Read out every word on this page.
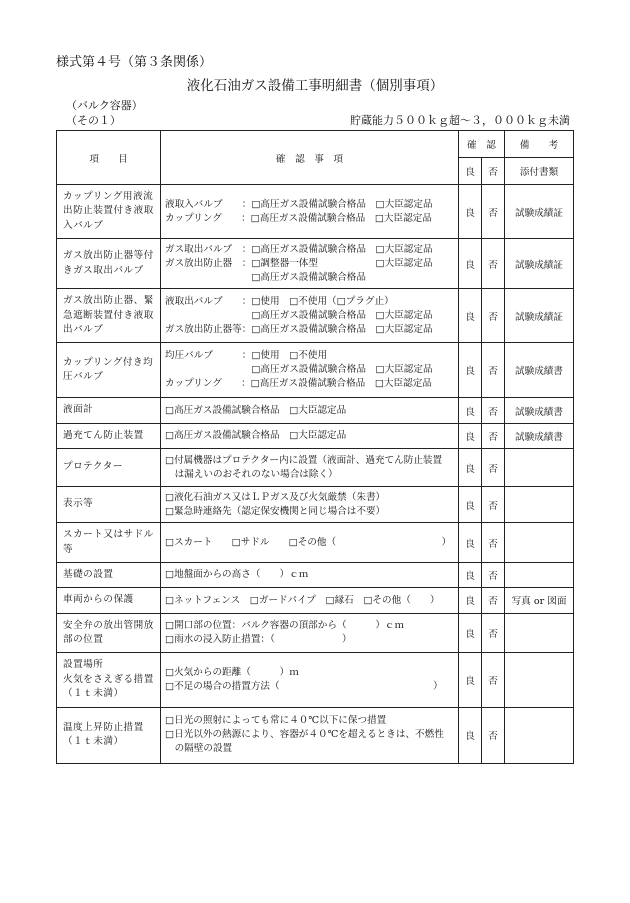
様式第４号（第３条関係）
液化石油ガス設備工事明細書（個別事項）
（バルク容器）
（その１）	貯蔵能力５００ｋｇ超～３，０００ｋｇ未満
項　　目	確　認　事　項	確　認		備　　考
		良	否	添付書類

カップリング用液流出防止装置付き液取入バルブ	液取入バルブ　　：□高圧ガス設備試験合格品　□大臣認定品
カップリング　　：□高圧ガス設備試験合格品　□大臣認定品	良	否	試験成績証

ガス放出防止器等付きガス取出バルブ	ガス取出バルブ　：□高圧ガス設備試験合格品　□大臣認定品
ガス放出防止器　：□調整器一体型　　　　　　□大臣認定品
　　　　　　　　　□高圧ガス設備試験合格品	良	否	試験成績証

ガス放出防止器、緊急遮断装置付き液取出バルブ	液取出バルブ　　：□使用　□不使用（□プラグ止）
　　　　　　　　　□高圧ガス設備試験合格品　□大臣認定品
ガス放出防止器等：□高圧ガス設備試験合格品　□大臣認定品	良	否	試験成績証

カップリング付き均圧バルブ	均圧バルブ　　　：□使用　□不使用
　　　　　　　　　□高圧ガス設備試験合格品　□大臣認定品
カップリング　　：□高圧ガス設備試験合格品　□大臣認定品	良	否	試験成績書

液面計	□高圧ガス設備試験合格品　□大臣認定品	良	否	試験成績書

過充てん防止装置	□高圧ガス設備試験合格品　□大臣認定品	良	否	試験成績書

プロテクター	□付属機器はプロテクター内に設置（液面計、過充てん防止装置
　は漏えいのおそれのない場合は除く）	良	否	

表示等	□液化石油ガス又はＬＰガス及び火気厳禁（朱書）
□緊急時連絡先（認定保安機関と同じ場合は不要）	良	否	

スカート又はサドル等	□スカート　　□サドル　　□その他（　　　　　　　　　　　）	良	否	

基礎の設置	□地盤面からの高さ（　　）ｃｍ	良	否	

車両からの保護	□ネットフェンス　□ガードパイプ　□縁石　□その他（　　）	良	否	写真 or 図面

安全弁の放出管開放部の位置	□開口部の位置：バルク容器の頂部から（　　　）ｃｍ
□雨水の浸入防止措置：（　　　　　　　）	良	否	

設置場所
火気をさえぎる措置
（１ｔ未満）	□火気からの距離（　　　）ｍ
□不足の場合の措置方法（　　　　　　　　　　　　　　　　）	良	否	

温度上昇防止措置
（１ｔ未満）	□日光の照射によっても常に４０℃以下に保つ措置
□日光以外の熱源により、容器が４０℃を超えるときは、不燃性
　の隔壁の設置	良	否	
